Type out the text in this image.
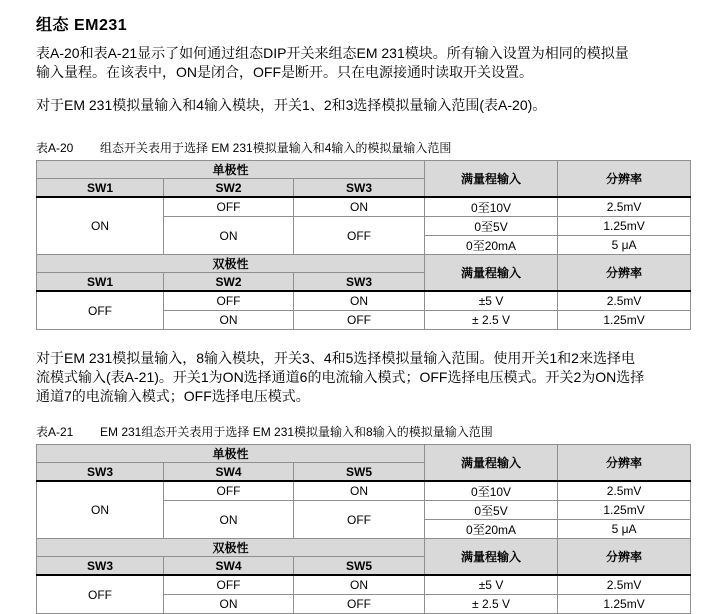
组态 EM231

表A-20和表A-21显示了如何通过组态DIP开关来组态EM 231模块。所有输入设置为相同的模拟量
输入量程。在该表中，ON是闭合，OFF是断开。只在电源接通时读取开关设置。

对于EM 231模拟量输入和4输入模块，开关1、2和3选择模拟量输入范围(表A-20)。

表A-20	组态开关表用于选择 EM 231模拟量输入和4输入的模拟量输入范围
单极性			满量程输入	分辨率
SW1	SW2	SW3		
ON	OFF	ON	0至10V	2.5mV
	ON	OFF	0至5V	1.25mV
			0至20mA	5 μA
双极性			满量程输入	分辨率
SW1	SW2	SW3		
OFF	OFF	ON	±5 V	2.5mV
	ON	OFF	± 2.5 V	1.25mV

对于EM 231模拟量输入，8输入模块，开关3、4和5选择模拟量输入范围。使用开关1和2来选择电
流模式输入(表A-21)。开关1为ON选择通道6的电流输入模式；OFF选择电压模式。开关2为ON选择
通道7的电流输入模式；OFF选择电压模式。

表A-21	EM 231组态开关表用于选择 EM 231模拟量输入和8输入的模拟量输入范围
单极性			满量程输入	分辨率
SW3	SW4	SW5		
ON	OFF	ON	0至10V	2.5mV
	ON	OFF	0至5V	1.25mV
			0至20mA	5 μA
双极性			满量程输入	分辨率
SW3	SW4	SW5		
OFF	OFF	ON	±5 V	2.5mV
	ON	OFF	± 2.5 V	1.25mV
